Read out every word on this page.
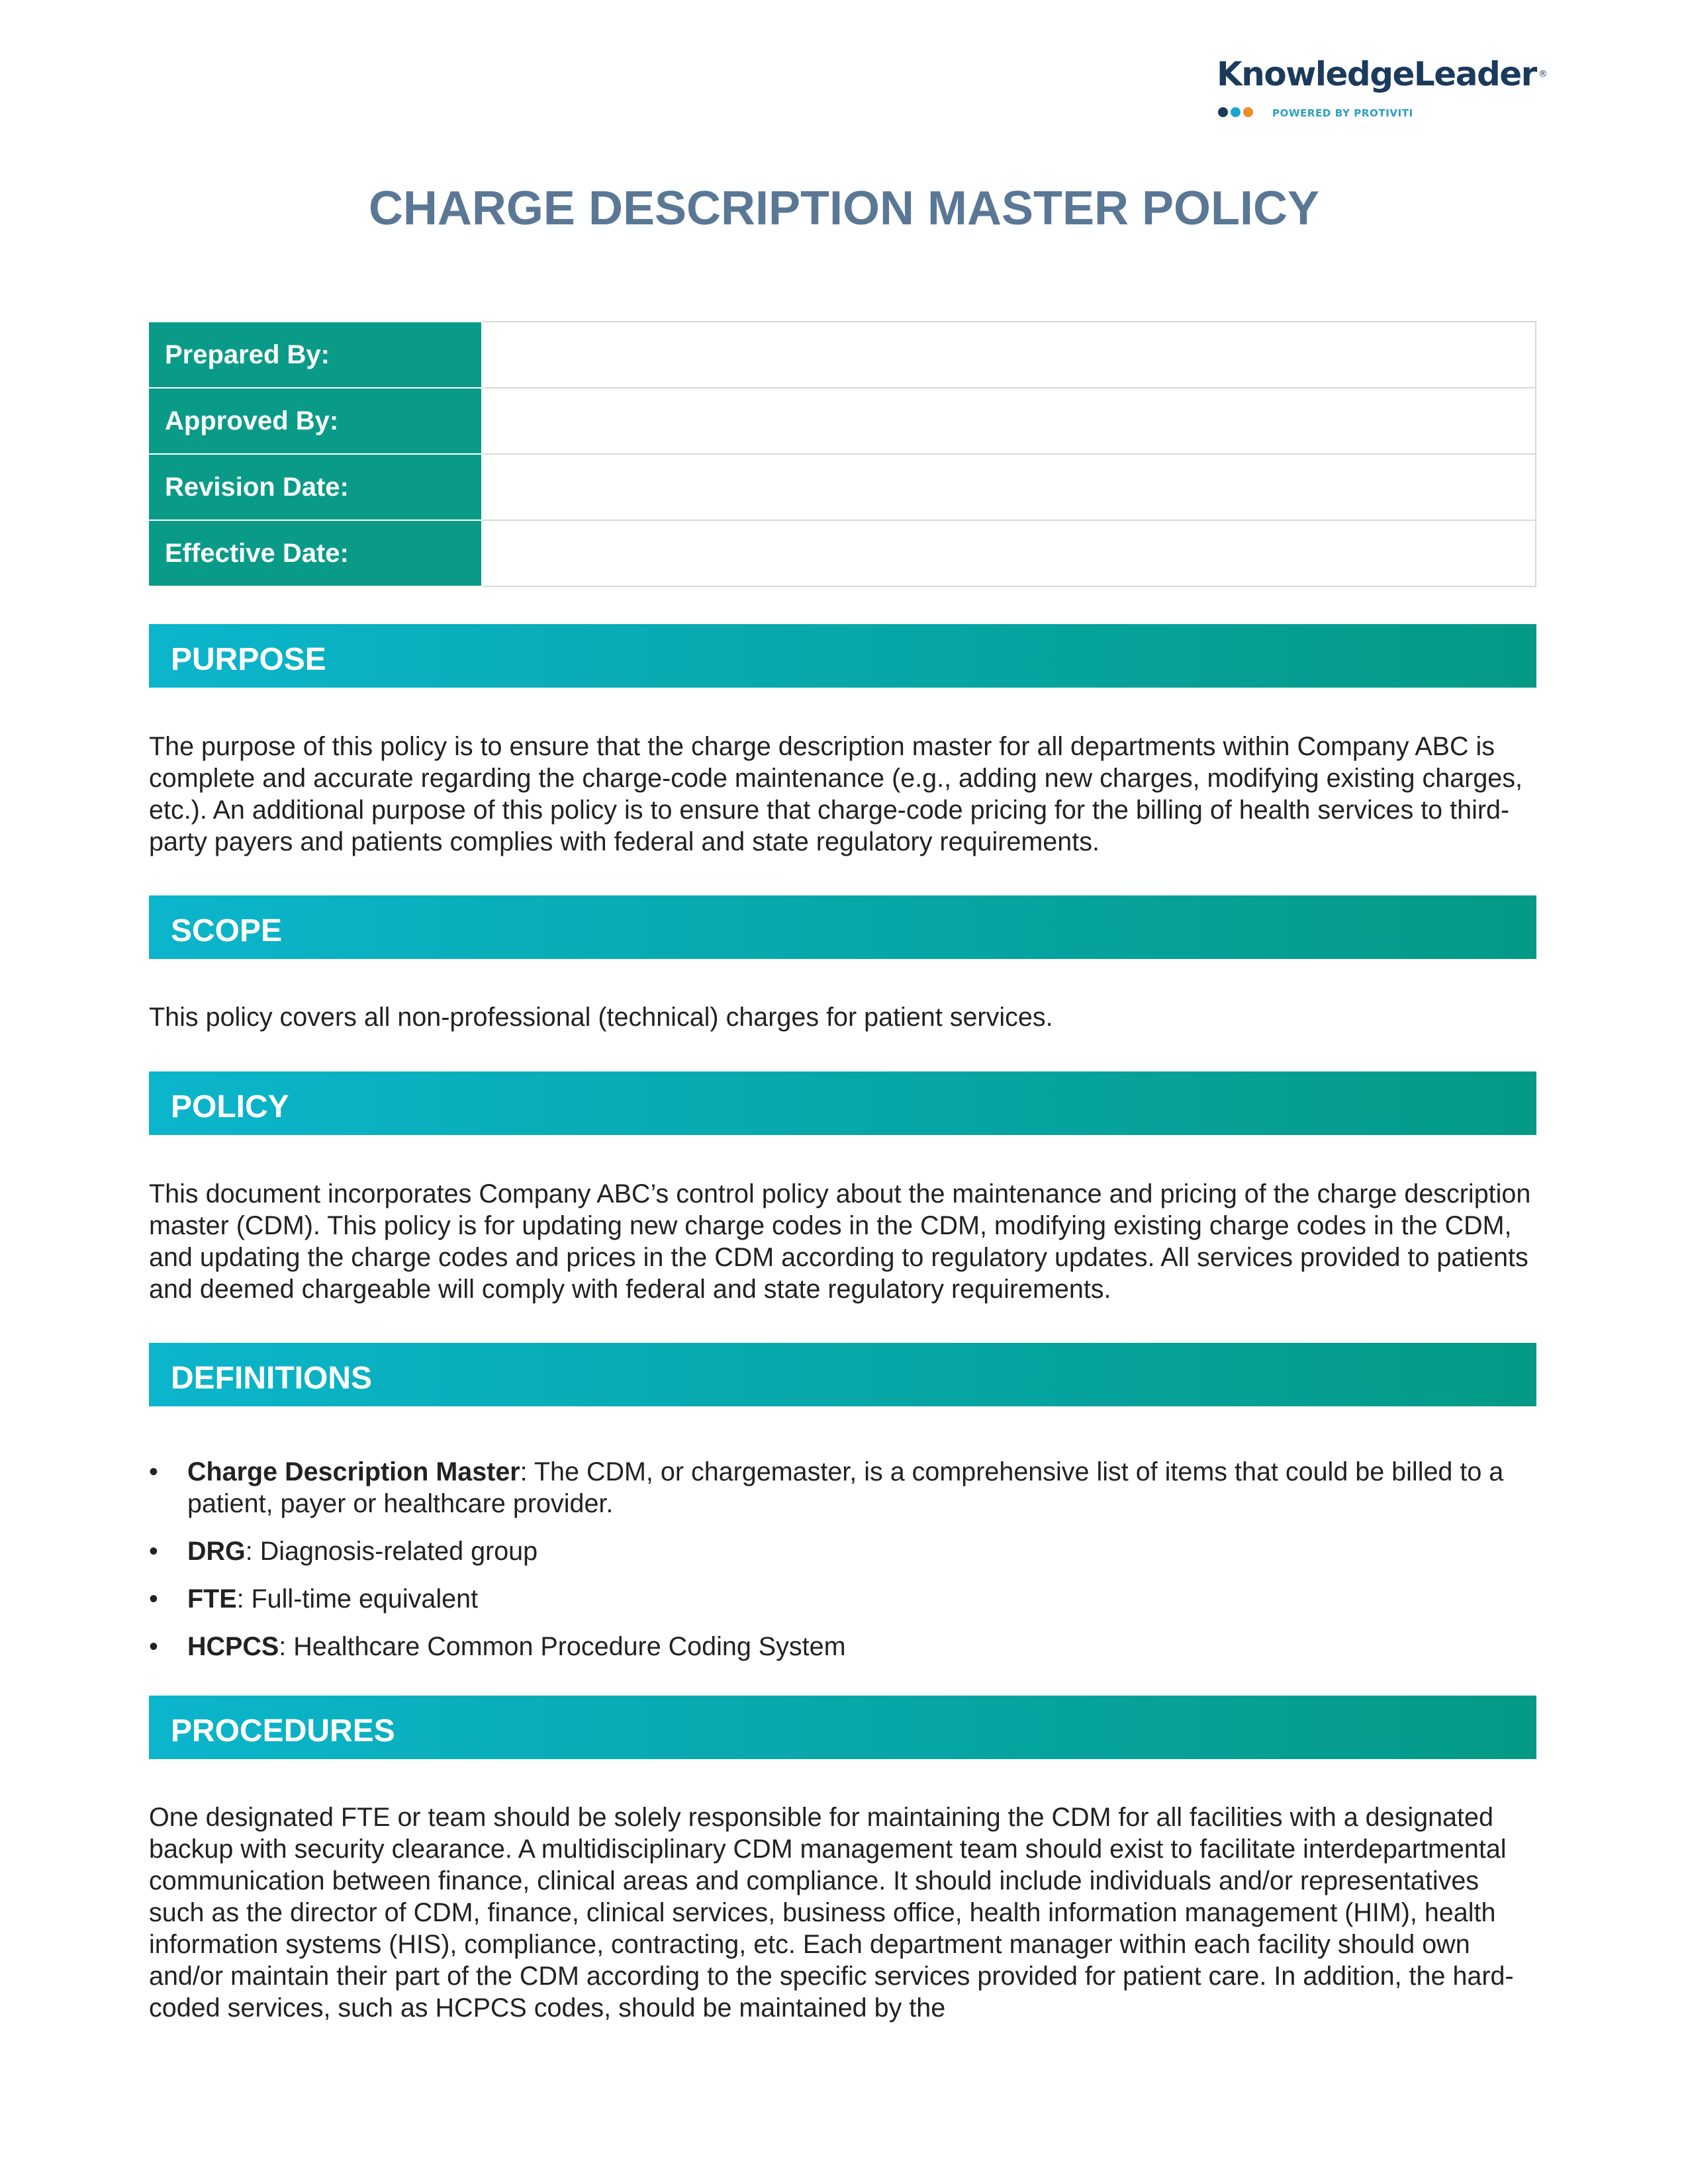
KnowledgeLeader ®
POWERED BY PROTIVITI
CHARGE DESCRIPTION MASTER POLICY
Prepared By:	
Approved By:	
Revision Date:	
Effective Date:	
PURPOSE

The purpose of this policy is to ensure that the charge description master for all departments within Company ABC is complete and accurate regarding the charge-code maintenance (e.g., adding new charges, modifying existing charges, etc.). An additional purpose of this policy is to ensure that charge-code pricing for the billing of health services to third-party payers and patients complies with federal and state regulatory requirements.

SCOPE

This policy covers all non-professional (technical) charges for patient services.

POLICY

This document incorporates Company ABC’s control policy about the maintenance and pricing of the charge description master (CDM). This policy is for updating new charge codes in the CDM, modifying existing charge codes in the CDM, and updating the charge codes and prices in the CDM according to regulatory updates. All services provided to patients and deemed chargeable will comply with federal and state regulatory requirements.

DEFINITIONS
• Charge Description Master: The CDM, or chargemaster, is a comprehensive list of items that could be billed to a patient, payer or healthcare provider.
• DRG: Diagnosis-related group
• FTE: Full-time equivalent
• HCPCS: Healthcare Common Procedure Coding System
PROCEDURES

One designated FTE or team should be solely responsible for maintaining the CDM for all facilities with a designated backup with security clearance. A multidisciplinary CDM management team should exist to facilitate interdepartmental communication between finance, clinical areas and compliance. It should include individuals and/or representatives such as the director of CDM, finance, clinical services, business office, health information management (HIM), health information systems (HIS), compliance, contracting, etc. Each department manager within each facility should own and/or maintain their part of the CDM according to the specific services provided for patient care. In addition, the hard-coded services, such as HCPCS codes, should be maintained by the
